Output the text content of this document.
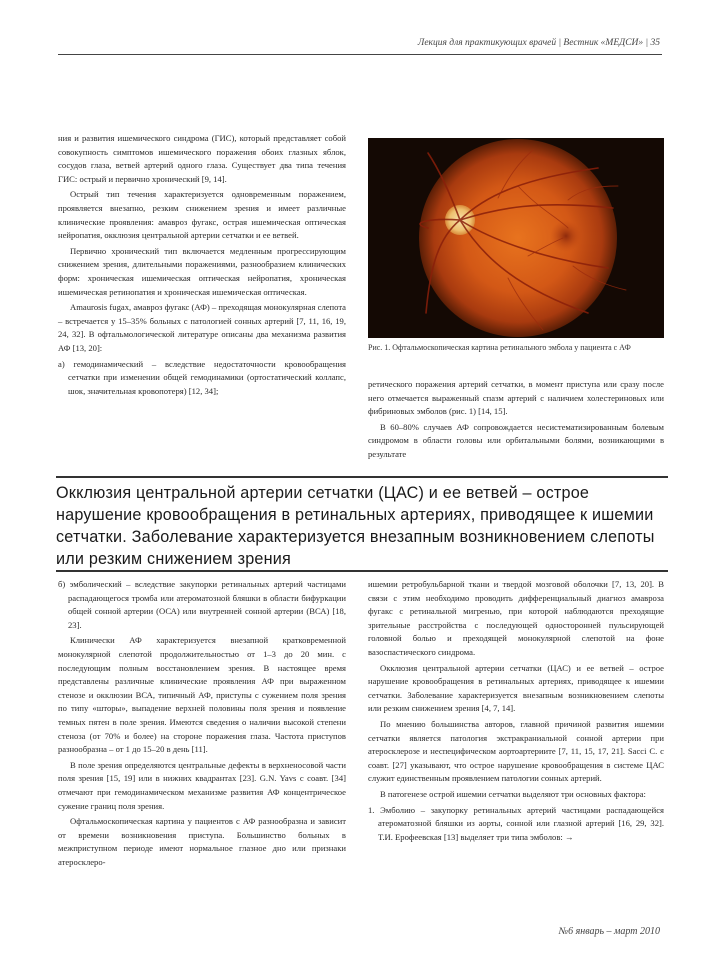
Лекция для практикующих врачей | Вестник «МЕДСИ» | 35

ния и развития ишемического синдрома (ГИС), который представляет собой совокупность симптомов ишемического поражения обоих глазных яблок, сосудов глаза, ветвей артерий одного глаза. Существует два типа течения ГИС: острый и первично хронический [9, 14].

Острый тип течения характеризуется одновременным поражением, проявляется внезапно, резким снижением зрения и имеет различные клинические проявления: амавроз фугакс, острая ишемическая оптическая нейропатия, окклюзия центральной артерии сетчатки и ее ветвей.

Первично хронический тип включается медленным прогрессирующим снижением зрения, длительными поражениями, разнообразием клинических форм: хроническая ишемическая оптическая нейропатия, хроническая ишемическая ретинопатия и хроническая ишемическая оптическая.

Amaurosis fugax, амавроз фугакс (АФ) – преходящая монокулярная слепота – встречается у 15–35% больных с патологией сонных артерий [7, 11, 16, 19, 24, 32]. В офтальмологической литературе описаны два механизма развития АФ [13, 20]:

а) гемодинамический – вследствие недостаточности кровообращения сетчатки при изменении общей гемодинамики (ортостатический коллапс, шок, значительная кровопотеря) [12, 34];

Рис. 1. Офтальмоскопическая картина ретинального эмбола у пациента с АФ

ретического поражения артерий сетчатки, в момент приступа или сразу после него отмечается выраженный спазм артерий с наличием холестериновых или фибриновых эмболов (рис. 1) [14, 15].

В 60–80% случаев АФ сопровождается несистематизированным болевым синдромом в области головы или орбитальными болями, возникающими в результате

Окклюзия центральной артерии сетчатки (ЦАС) и ее ветвей – острое нарушение кровообращения в ретинальных артериях, приводящее к ишемии сетчатки. Заболевание характеризуется внезапным возникновением слепоты или резким снижением зрения

б) эмболический – вследствие закупорки ретинальных артерий частицами распадающегося тромба или атероматозной бляшки в области бифуркации общей сонной артерии (ОСА) или внутренней сонной артерии (ВСА) [18, 23].

Клинически АФ характеризуется внезапной кратковременной монокулярной слепотой продолжительностью от 1–3 до 20 мин. с последующим полным восстановлением зрения. В настоящее время представлены различные клинические проявления АФ при выраженном стенозе и окклюзии ВСА, типичный АФ, приступы с сужением поля зрения по типу «шторы», выпадение верхней половины поля зрения и появление темных пятен в поле зрения. Имеются сведения о наличии высокой степени стеноза (от 70% и более) на стороне поражения глаза. Частота приступов разнообразна – от 1 до 15–20 в день [11].

В поле зрения определяются центральные дефекты в верхненосовой части поля зрения [15, 19] или в нижних квадрантах [23]. G.N. Yavs с соавт. [34] отмечают при гемодинамическом механизме развития АФ концентрическое сужение границ поля зрения.

Офтальмоскопическая картина у пациентов с АФ разнообразна и зависит от времени возникновения приступа. Большинство больных в межприступном периоде имеют нормальное глазное дно или признаки атеросклеро-

ишемии ретробульбарной ткани и твердой мозговой оболочки [7, 13, 20]. В связи с этим необходимо проводить дифференциальный диагноз амавроза фугакс с ретинальной мигренью, при которой наблюдаются преходящие зрительные расстройства с последующей односторонней пульсирующей головной болью и преходящей монокулярной слепотой на фоне вазоспастического синдрома.

Окклюзия центральной артерии сетчатки (ЦАС) и ее ветвей – острое нарушение кровообращения в ретинальных артериях, приводящее к ишемии сетчатки. Заболевание характеризуется внезапным возникновением слепоты или резким снижением зрения [4, 7, 14].

По мнению большинства авторов, главной причиной развития ишемии сетчатки является патология экстракраниальной сонной артерии при атеросклерозе и неспецифическом аортоартериите [7, 11, 15, 17, 21]. Sacci C. с соавт. [27] указывают, что острое нарушение кровообращения в системе ЦАС служит единственным проявлением патологии сонных артерий.

В патогенезе острой ишемии сетчатки выделяют три основных фактора:

1. Эмболию – закупорку ретинальных артерий частицами распадающейся атероматозной бляшки из аорты, сонной или глазной артерий [16, 29, 32]. Т.И. Ерофеевская [13] выделяет три типа эмболов: →

№6 январь – март 2010
